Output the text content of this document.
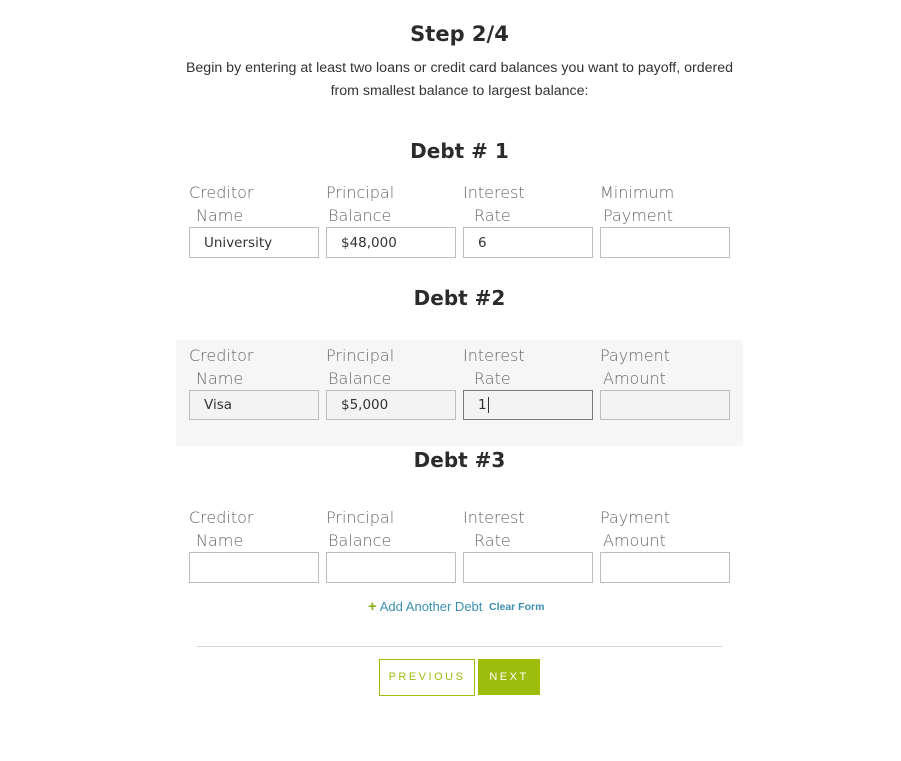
Step 2/4
Begin by entering at least two loans or credit card balances you want to payoff, ordered
from smallest balance to largest balance:
Debt # 1
Creditor
Name
Principal
Balance
Interest
Rate
Minimum
Payment
University
$48,000
6
Debt #2
Creditor
Name
Principal
Balance
Interest
Rate
Payment
Amount
Visa
$5,000
1
Debt #3
Creditor
Name
Principal
Balance
Interest
Rate
Payment
Amount
+ Add Another Debt Clear Form
PREVIOUS	NEXT
